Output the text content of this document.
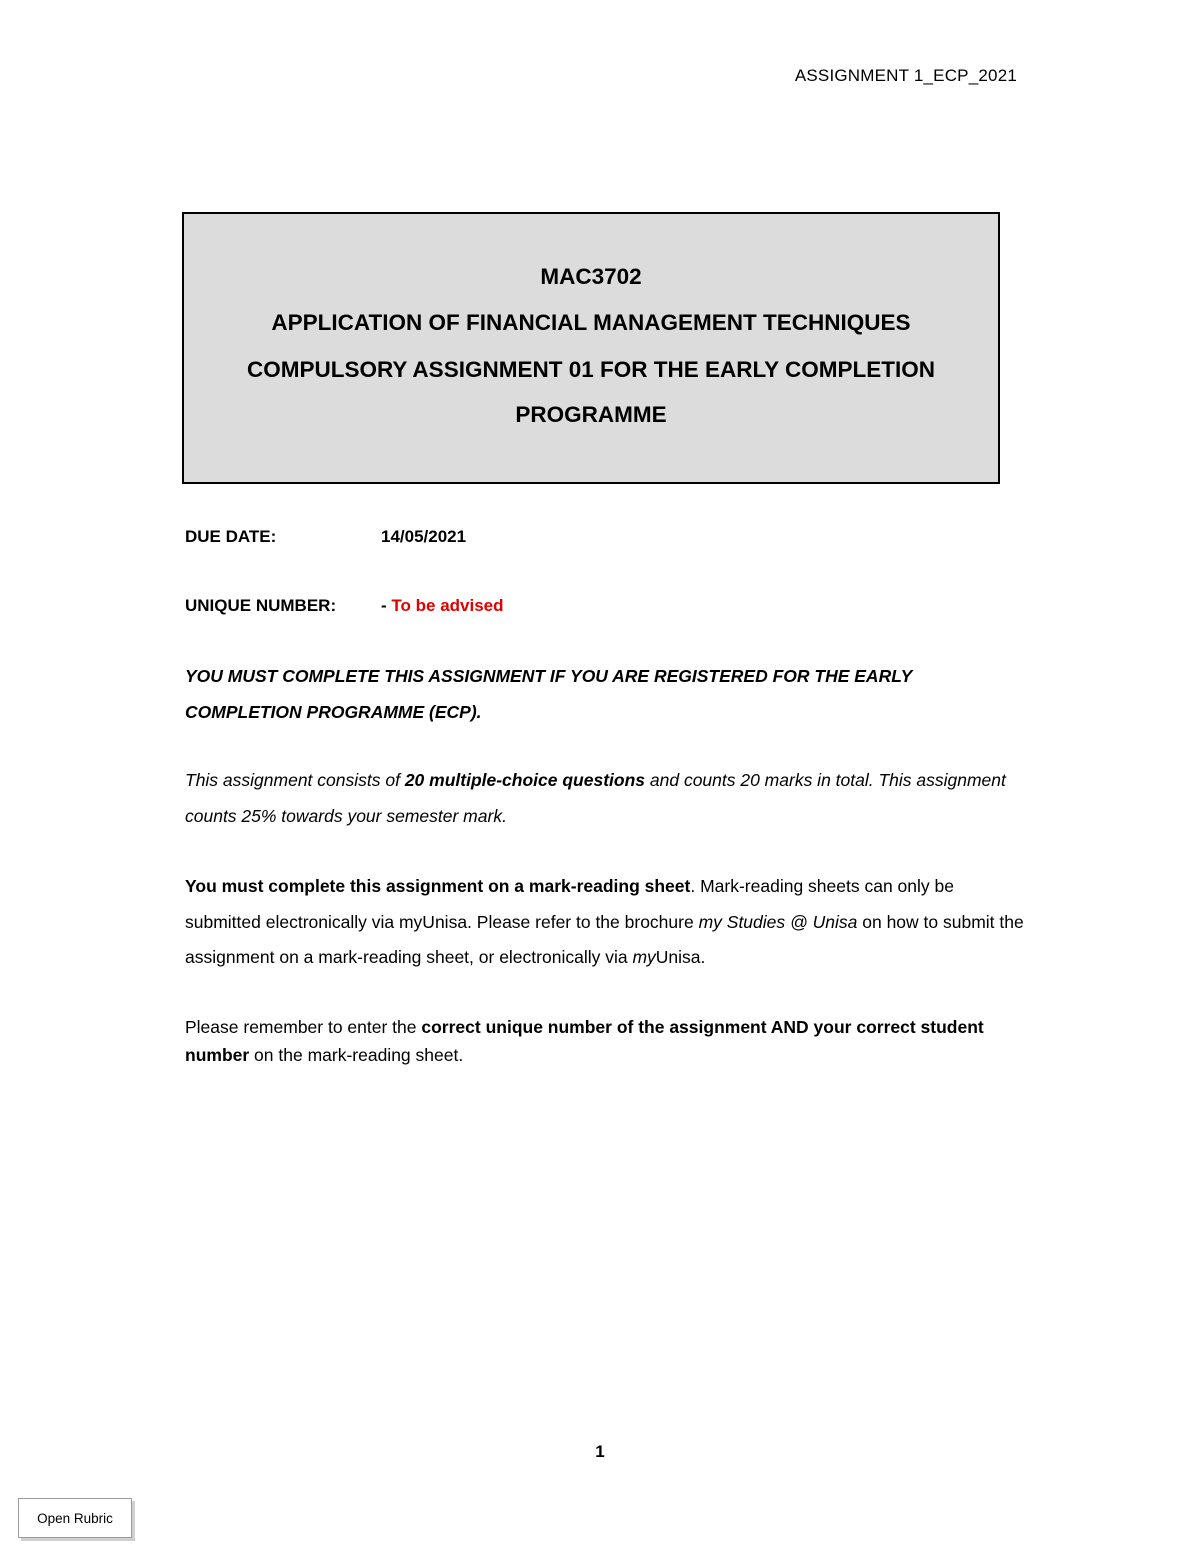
ASSIGNMENT 1_ECP_2021
MAC3702
APPLICATION OF FINANCIAL MANAGEMENT TECHNIQUES
COMPULSORY ASSIGNMENT 01 FOR THE EARLY COMPLETION
PROGRAMME
DUE DATE:	14/05/2021
UNIQUE NUMBER:	- To be advised
YOU MUST COMPLETE THIS ASSIGNMENT IF YOU ARE REGISTERED FOR THE EARLY COMPLETION PROGRAMME (ECP).
This assignment consists of 20 multiple-choice questions and counts 20 marks in total. This assignment counts 25% towards your semester mark.
You must complete this assignment on a mark-reading sheet. Mark-reading sheets can only be submitted electronically via myUnisa. Please refer to the brochure my Studies @ Unisa on how to submit the assignment on a mark-reading sheet, or electronically via myUnisa.
Please remember to enter the correct unique number of the assignment AND your correct student number on the mark-reading sheet.
1
Open Rubric
